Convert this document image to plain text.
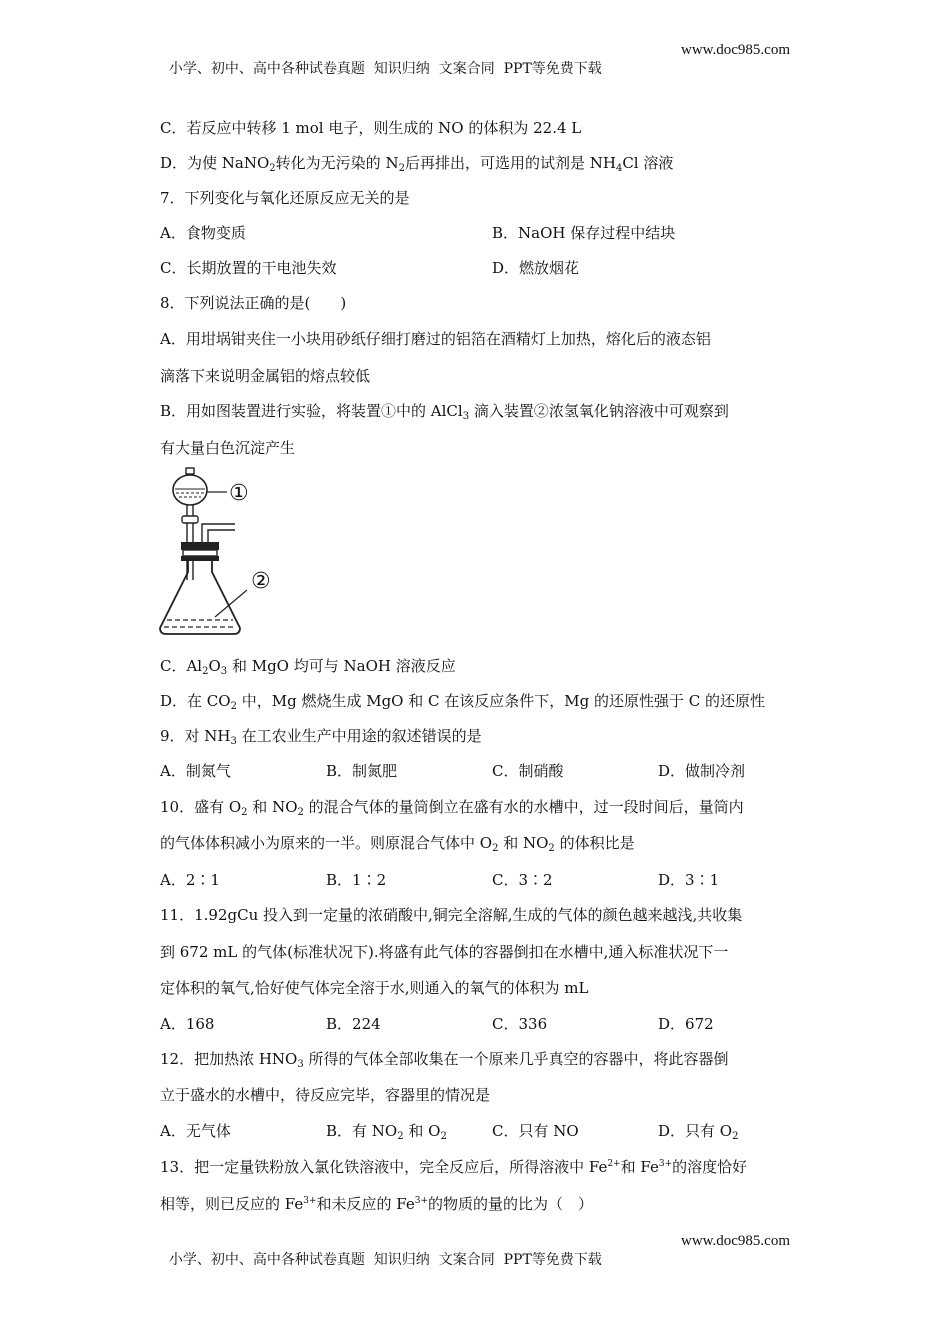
小学、初中、高中各种试卷真题  知识归纳  文案合同  PPT等免费下载

www.doc985.com

C．若反应中转移 1 mol 电子，则生成的 NO 的体积为 22.4 L
D．为使 NaNO$_2$转化为无污染的 $N_2$后再排出，可选用的试剂是 $NH_4Cl$ 溶液
7．下列变化与氧化还原反应无关的是
A．食物变质	B．NaOH 保存过程中结块
C．长期放置的干电池失效	D．燃放烟花
8．下列说法正确的是(　　)
A．用坩埚钳夹住一小块用砂纸仔细打磨过的铝箔在酒精灯上加热，熔化后的液态铝
滴落下来说明金属铝的熔点较低
B．用如图装置进行实验，将装置①中的 AlCl$_3$ 滴入装置②浓氢氧化钠溶液中可观察到
有大量白色沉淀产生
①
②
C．$Al_2O_3$ 和 MgO 均可与 NaOH 溶液反应
D．在 $CO_2$ 中，Mg 燃烧生成 MgO 和 C 在该反应条件下，Mg 的还原性强于 C 的还原性
9．对 $NH_3$ 在工农业生产中用途的叙述错误的是
A．制氮气	B．制氮肥	C．制硝酸	D．做制冷剂
10．盛有 $O_2$ 和 $NO_2$ 的混合气体的量筒倒立在盛有水的水槽中，过一段时间后，量筒内
的气体体积减小为原来的一半。则原混合气体中 $O_2$ 和 $NO_2$ 的体积比是
A．2∶1	B．1∶2	C．3∶2	D．3∶1
11．1.92gCu 投入到一定量的浓硝酸中,铜完全溶解,生成的气体的颜色越来越浅,共收集
到 672 mL 的气体(标准状况下).将盛有此气体的容器倒扣在水槽中,通入标准状况下一
定体积的氧气,恰好使气体完全溶于水,则通入的氧气的体积为 mL
A．168	B．224	C．336	D．672
12．把加热浓 $HNO_3$ 所得的气体全部收集在一个原来几乎真空的容器中，将此容器倒
立于盛水的水槽中，待反应完毕，容器里的情况是
A．无气体	B．有 $NO_2$ 和 $O_2$	C．只有 NO	D．只有 $O_2$
13．把一定量铁粉放入氯化铁溶液中，完全反应后，所得溶液中 $Fe^{2+}$和 $Fe^{3+}$的溶度恰好
相等，则已反应的 $Fe^{3+}$和未反应的 $Fe^{3+}$的物质的量的比为（　）

小学、初中、高中各种试卷真题  知识归纳  文案合同  PPT等免费下载

www.doc985.com
